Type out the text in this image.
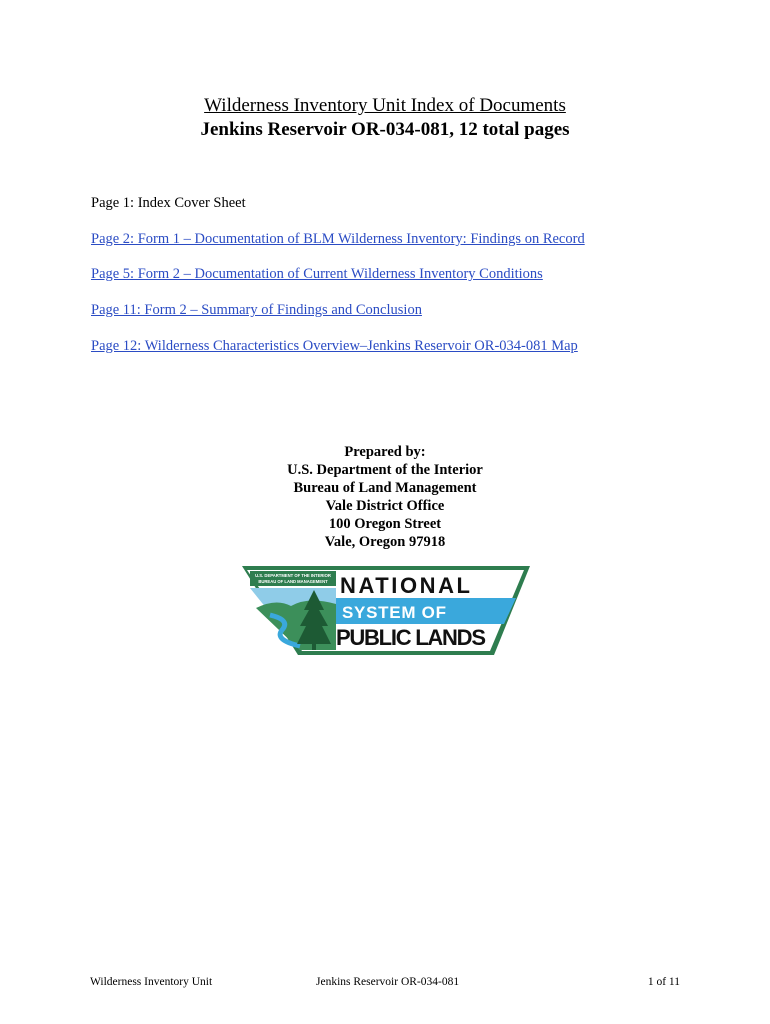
Wilderness Inventory Unit Index of Documents
Jenkins Reservoir OR-034-081, 12 total pages
Page 1: Index Cover Sheet
Page 2: Form 1 – Documentation of BLM Wilderness Inventory: Findings on Record
Page 5: Form 2 – Documentation of Current Wilderness Inventory Conditions
Page 11: Form 2 – Summary of Findings and Conclusion
Page 12: Wilderness Characteristics Overview–Jenkins Reservoir OR-034-081 Map
Prepared by:
U.S. Department of the Interior
Bureau of Land Management
Vale District Office
100 Oregon Street
Vale, Oregon 97918
U.S. DEPARTMENT OF THE INTERIOR
BUREAU OF LAND MANAGEMENT NATIONAL
SYSTEM OF
PUBLIC LANDS
Wilderness Inventory Unit	Jenkins Reservoir OR-034-081	1 of 11
